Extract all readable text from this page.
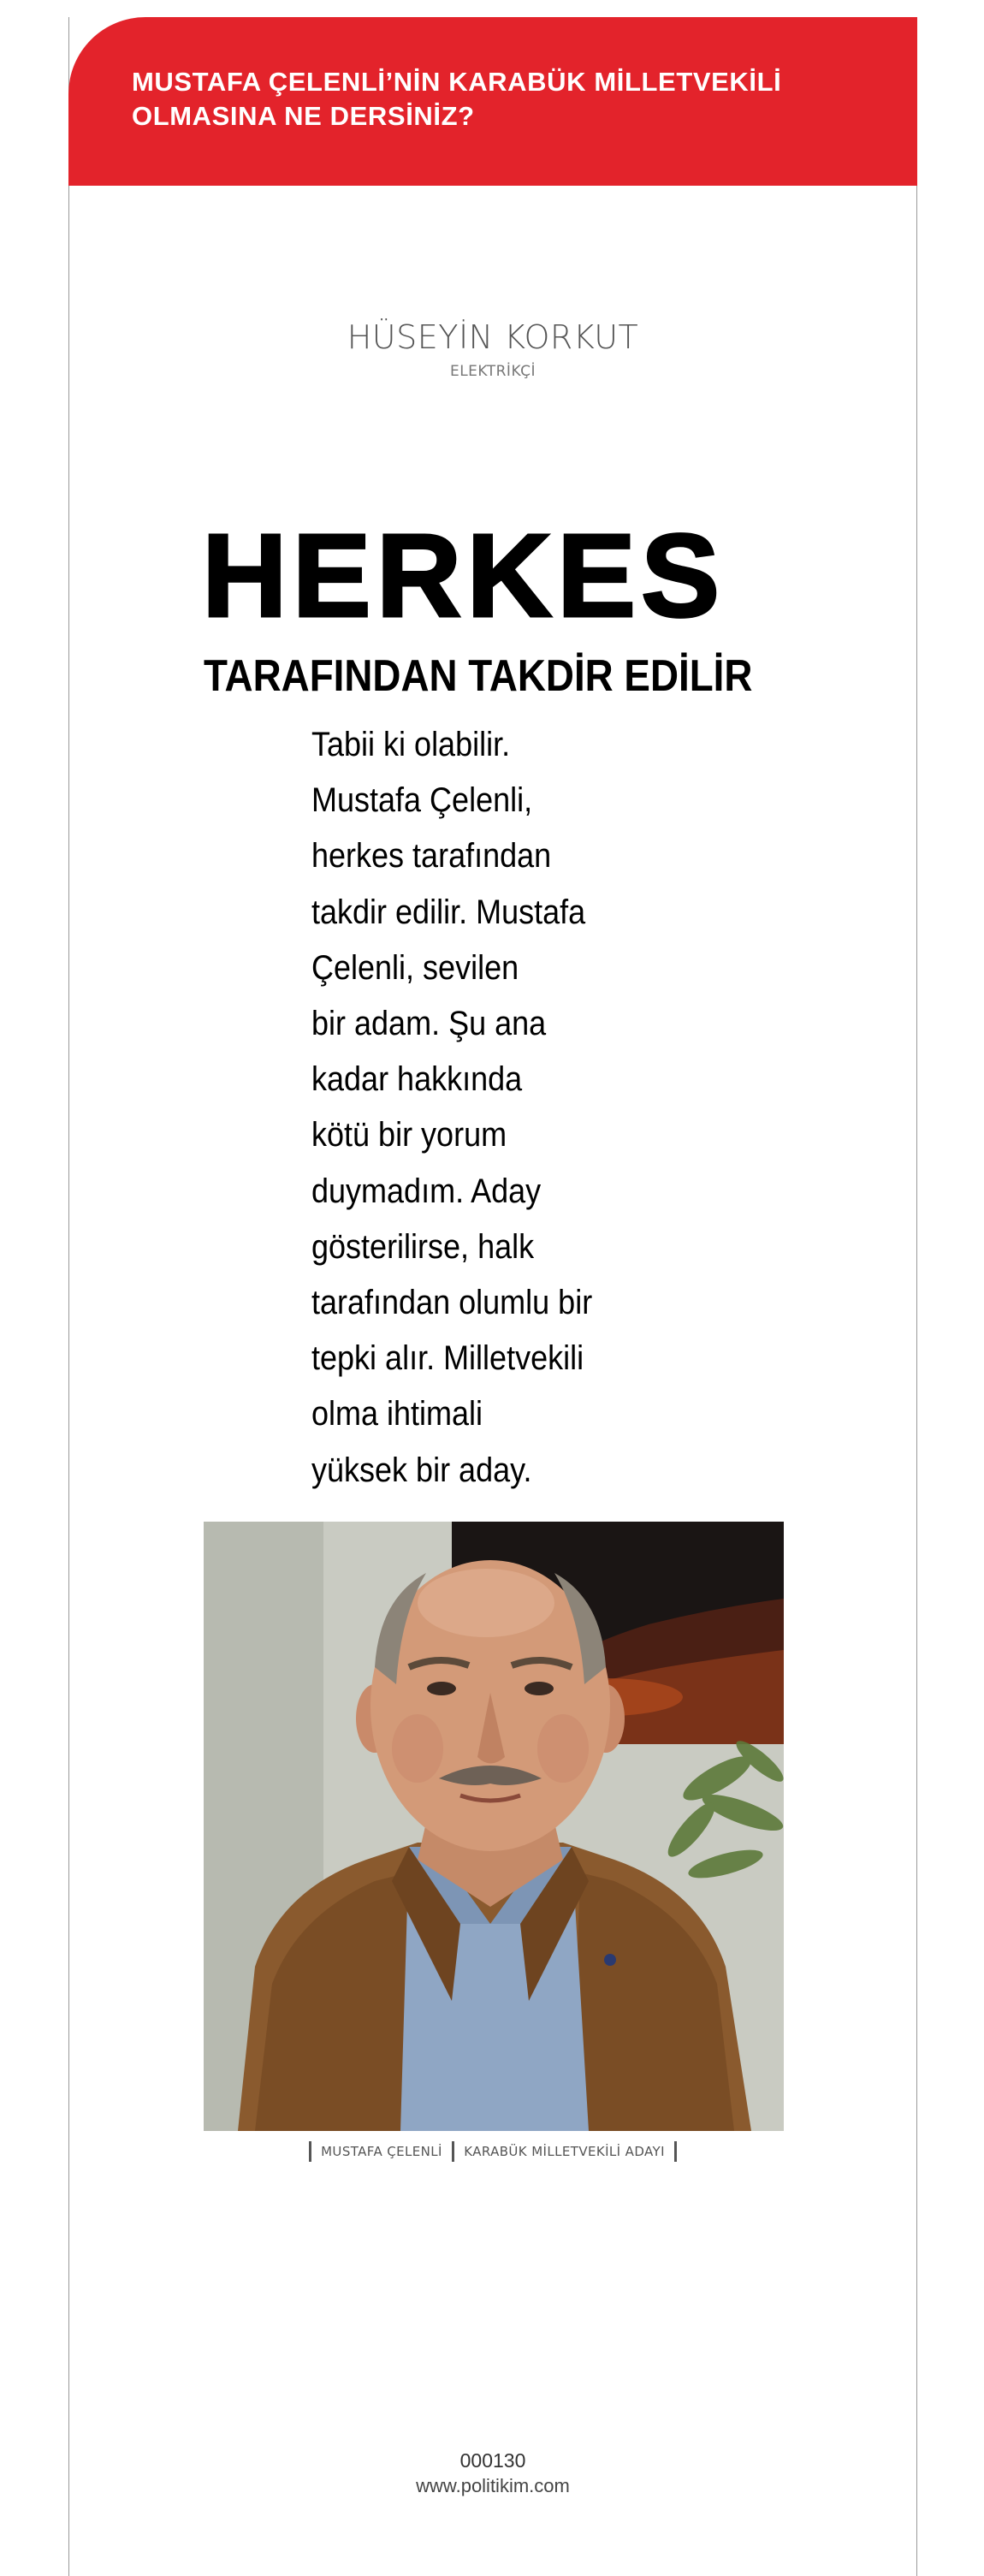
MUSTAFA ÇELENLİ’NİN KARABÜK MİLLETVEKİLİ
OLMASINA NE DERSİNİZ?
HÜSEYİN KORKUT
ELEKTRİKÇİ
HERKES
TARAFINDAN TAKDİR EDİLİR
Tabii ki olabilir.
Mustafa Çelenli,
herkes tarafından
takdir edilir. Mustafa
Çelenli, sevilen
bir adam. Şu ana
kadar hakkında
kötü bir yorum
duymadım. Aday
gösterilirse, halk
tarafından olumlu bir
tepki alır. Milletvekili
olma ihtimali
yüksek bir aday.
MUSTAFA ÇELENLİ KARABÜK MİLLETVEKİLİ ADAYI
000130
www.politikim.com
